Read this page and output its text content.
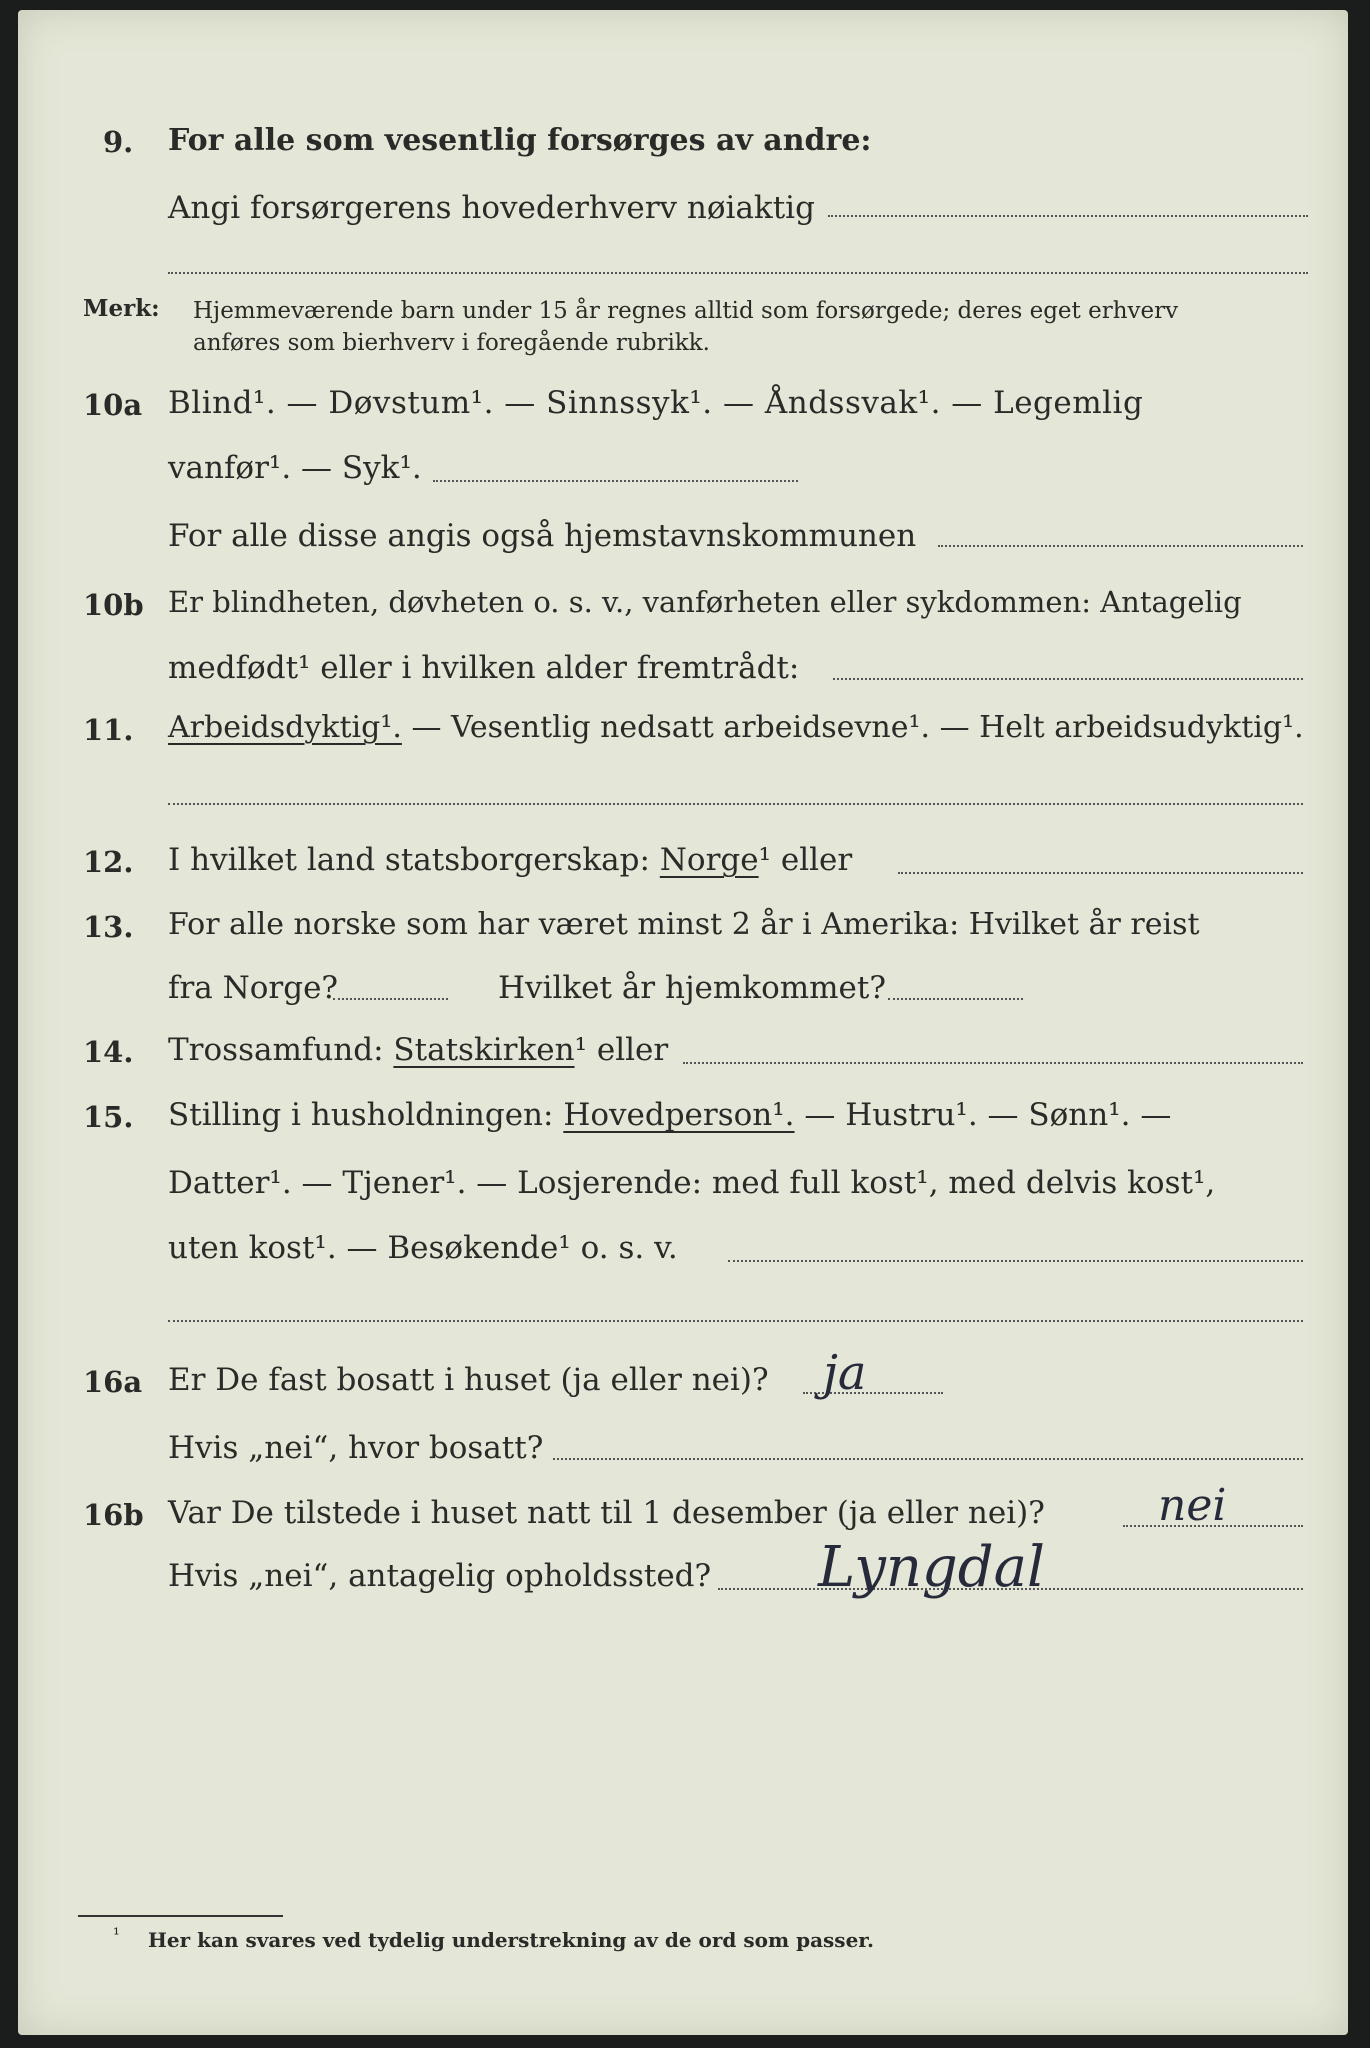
9. For alle som vesentlig forsørges av andre:
Angi forsørgerens hovederhverv nøiaktig
Merk: Hjemmeværende barn under 15 år regnes alltid som forsørgede; deres eget erhverv
anføres som bierhverv i foregående rubrikk.
10a Blind¹. — Døvstum¹. — Sinnssyk¹. — Åndssvak¹. — Legemlig
vanfør¹. — Syk¹.
For alle disse angis også hjemstavnskommunen
10b Er blindheten, døvheten o. s. v., vanførheten eller sykdommen: Antagelig
medfødt¹ eller i hvilken alder fremtrådt:
11. Arbeidsdyktig¹. — Vesentlig nedsatt arbeidsevne¹. — Helt arbeidsudyktig¹.
12. I hvilket land statsborgerskap: Norge¹ eller
13. For alle norske som har været minst 2 år i Amerika: Hvilket år reist
fra Norge?	Hvilket år hjemkommet?
14. Trossamfund: Statskirken¹ eller
15. Stilling i husholdningen: Hovedperson¹. — Hustru¹. — Sønn¹. —
Datter¹. — Tjener¹. — Losjerende: med full kost¹, med delvis kost¹,
uten kost¹. — Besøkende¹ o. s. v.
16a Er De fast bosatt i huset (ja eller nei)? ja
Hvis „nei“, hvor bosatt?
16b Var De tilstede i huset natt til 1 desember (ja eller nei)?	nei
Hvis „nei“, antagelig opholdssted? Lyngdal
¹ Her kan svares ved tydelig understrekning av de ord som passer.
